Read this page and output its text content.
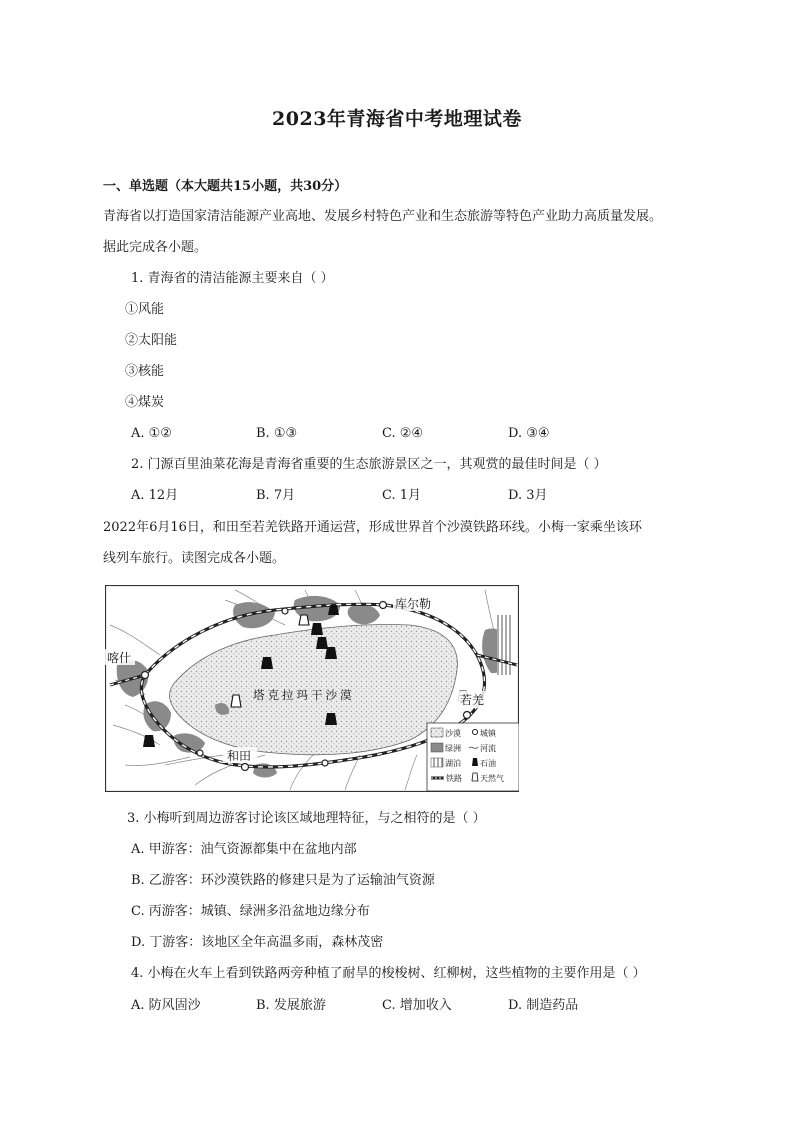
2023年青海省中考地理试卷
一、单选题（本大题共15小题，共30分）
青海省以打造国家清洁能源产业高地、发展乡村特色产业和生态旅游等特色产业助力高质量发展。
据此完成各小题。
1. 青海省的清洁能源主要来自（ ）
①风能
②太阳能
③核能
④煤炭
A. ①②	B. ①③	C. ②④	D. ③④
2. 门源百里油菜花海是青海省重要的生态旅游景区之一，其观赏的最佳时间是（ ）
A. 12月	B. 7月	C. 1月	D. 3月
2022年6月16日，和田至若羌铁路开通运营，形成世界首个沙漠铁路环线。小梅一家乘坐该环
线列车旅行。读图完成各小题。
喀什
库尔勒
若羌
和田
塔克拉玛干沙漠
沙漠 城镇
绿洲 河流
湖泊 石油
铁路 天然气
3. 小梅听到周边游客讨论该区域地理特征，与之相符的是（ ）
A. 甲游客：油气资源都集中在盆地内部
B. 乙游客：环沙漠铁路的修建只是为了运输油气资源
C. 丙游客：城镇、绿洲多沿盆地边缘分布
D. 丁游客：该地区全年高温多雨，森林茂密
4. 小梅在火车上看到铁路两旁种植了耐旱的梭梭树、红柳树，这些植物的主要作用是（ ）
A. 防风固沙	B. 发展旅游	C. 增加收入	D. 制造药品
